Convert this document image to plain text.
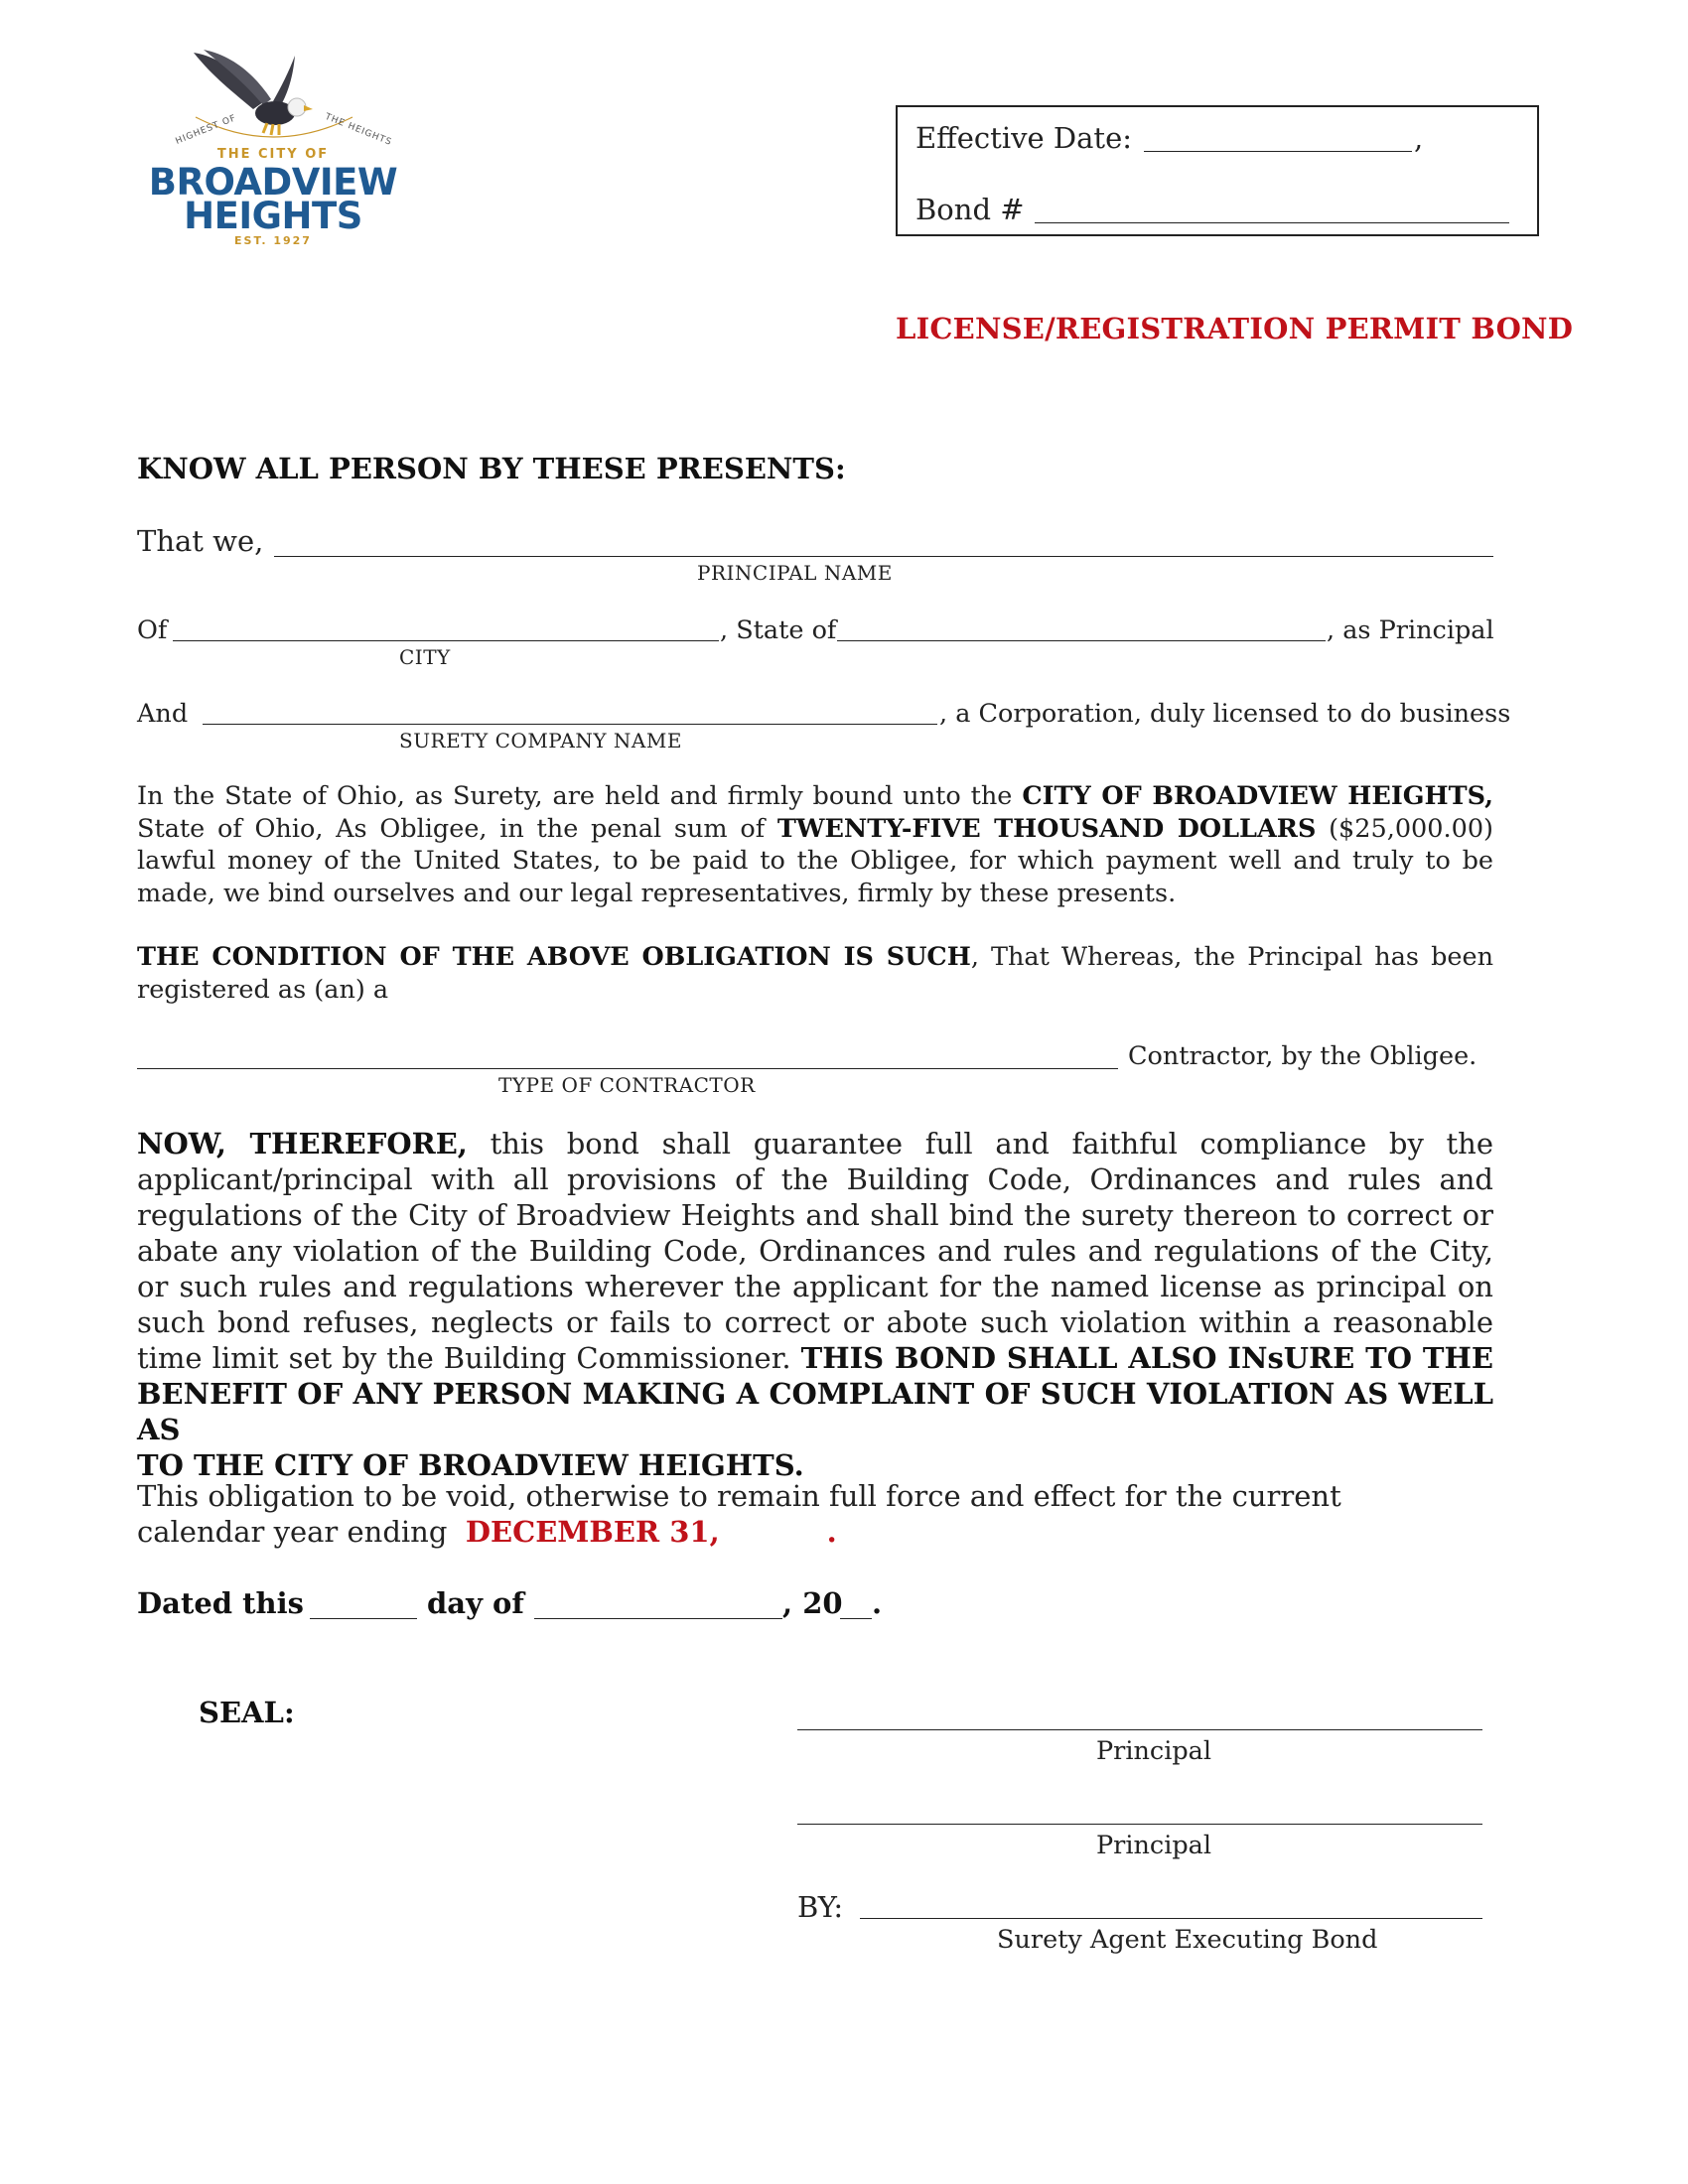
HIGHEST OF	THE HEIGHTS
THE CITY OF
BROADVIEW
HEIGHTS
EST. 1927
Effective Date:	,
Bond #
LICENSE/REGISTRATION PERMIT BOND
KNOW ALL PERSON BY THESE PRESENTS:
That we,
PRINCIPAL NAME
Of	, State of	, as Principal
CITY
And	, a Corporation, duly licensed to do business
SURETY COMPANY NAME
In the State of Ohio, as Surety, are held and firmly bound unto the CITY OF BROADVIEW HEIGHTS,
State of Ohio, As Obligee, in the penal sum of TWENTY-FIVE THOUSAND DOLLARS ($25,000.00)
lawful money of the United States, to be paid to the Obligee, for which payment well and truly to be
made, we bind ourselves and our legal representatives, firmly by these presents.
THE CONDITION OF THE ABOVE OBLIGATION IS SUCH, That Whereas, the Principal has been
registered as (an) a
Contractor, by the Obligee.
TYPE OF CONTRACTOR
NOW, THEREFORE, this bond shall guarantee full and faithful compliance by the
applicant/principal with all provisions of the Building Code, Ordinances and rules and
regulations of the City of Broadview Heights and shall bind the surety thereon to correct or
abate any violation of the Building Code, Ordinances and rules and regulations of the City,
or such rules and regulations wherever the applicant for the named license as principal on
such bond refuses, neglects or fails to correct or abote such violation within a reasonable
time limit set by the Building Commissioner. THIS BOND SHALL ALSO INsURE TO THE
BENEFIT OF ANY PERSON MAKING A COMPLAINT OF SUCH VIOLATION AS WELL AS
TO THE CITY OF BROADVIEW HEIGHTS.
This obligation to be void, otherwise to remain full force and effect for the current
calendar year ending DECEMBER 31,	.
Dated this	day of	, 20 .
SEAL:
Principal
Principal
BY:
Surety Agent Executing Bond
